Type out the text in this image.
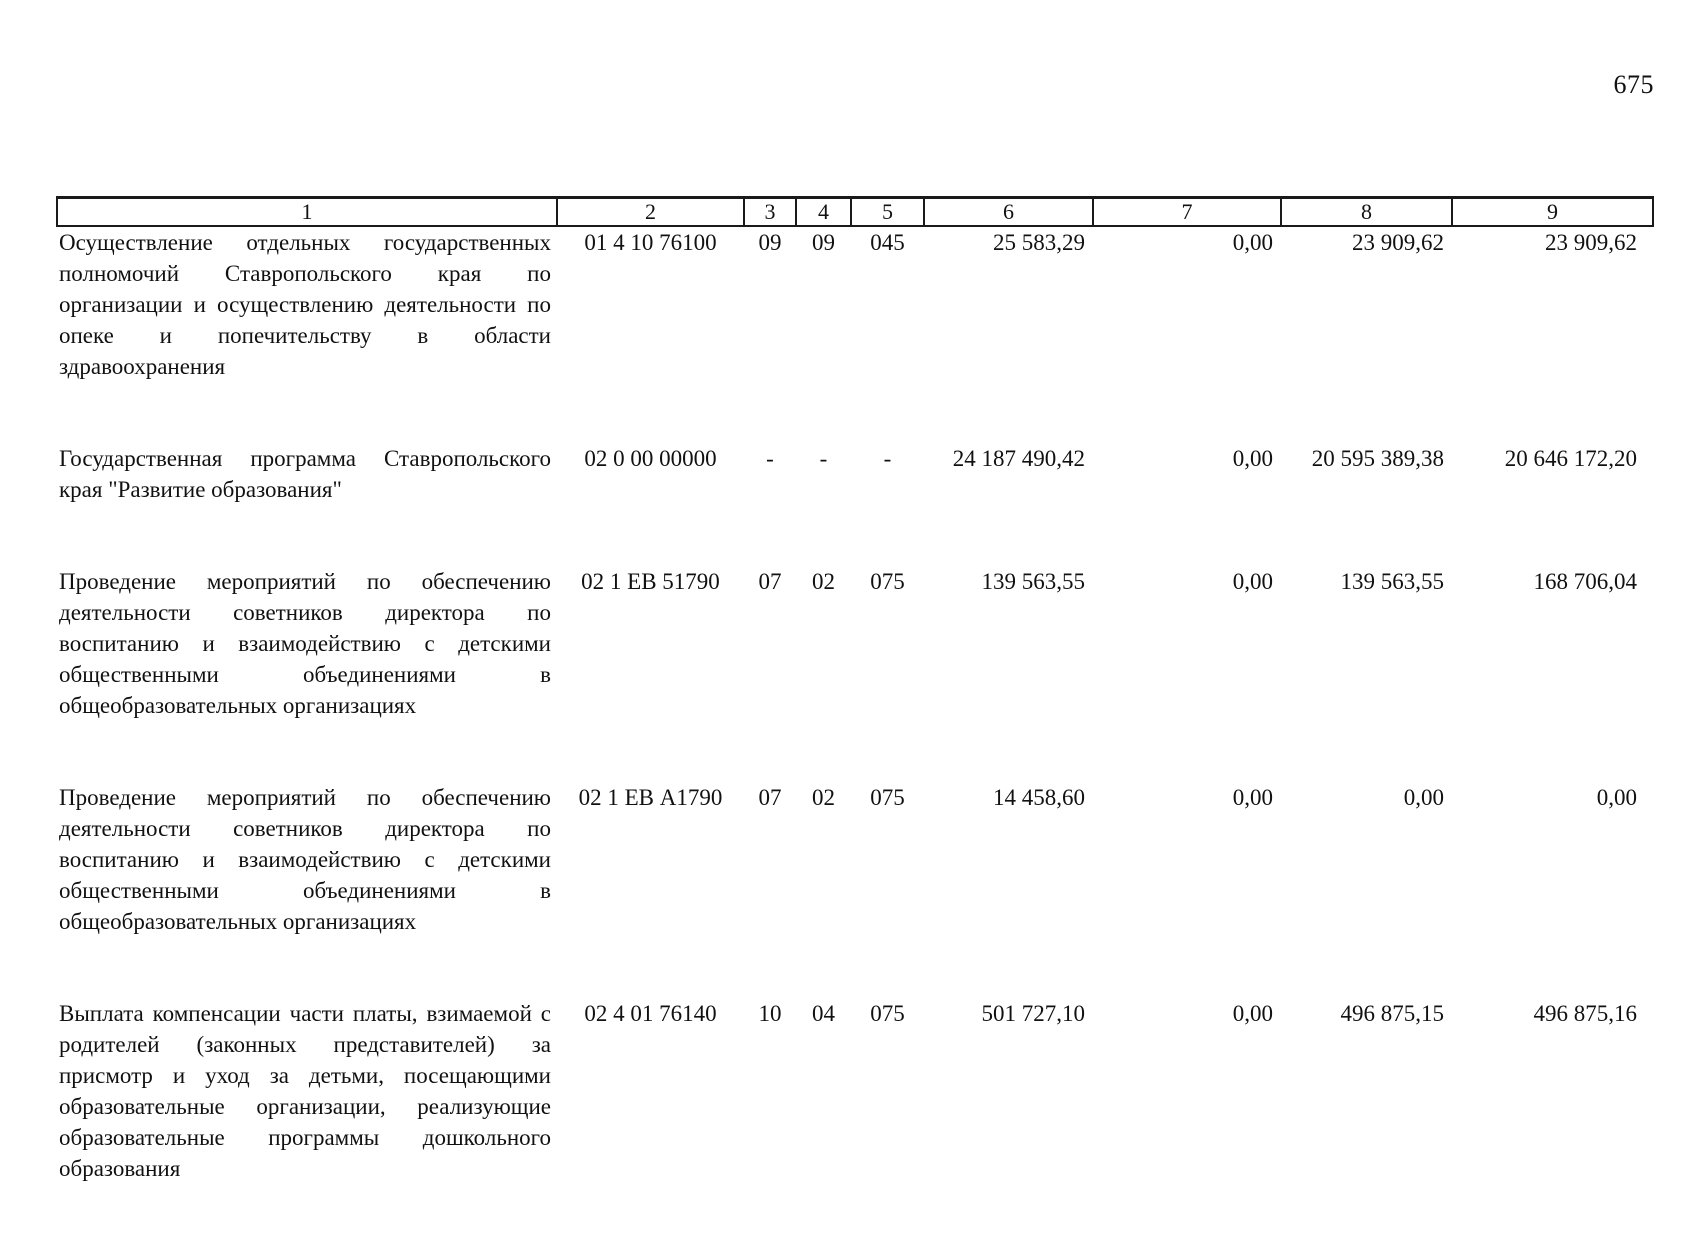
675
1	2	3	4	5	6	7	8	9
Осуществление отдельных государственных полномочий Ставропольского края по организации и осуществлению деятельности по опеке и попечительству в области здравоохранения	01 4 10 76100	09	09	045	25 583,29	0,00	23 909,62	23 909,62
Государственная программа Ставропольского края "Развитие образования"	02 0 00 00000	-	-	-	24 187 490,42	0,00	20 595 389,38	20 646 172,20
Проведение мероприятий по обеспечению деятельности советников директора по воспитанию и взаимодействию с детскими общественными объединениями в общеобразовательных организациях	02 1 ЕВ 51790	07	02	075	139 563,55	0,00	139 563,55	168 706,04
Проведение мероприятий по обеспечению деятельности советников директора по воспитанию и взаимодействию с детскими общественными объединениями в общеобразовательных организациях	02 1 ЕВ А1790	07	02	075	14 458,60	0,00	0,00	0,00
Выплата компенсации части платы, взимаемой с родителей (законных представителей) за присмотр и уход за детьми, посещающими образовательные организации, реализующие образовательные программы дошкольного образования	02 4 01 76140	10	04	075	501 727,10	0,00	496 875,15	496 875,16
